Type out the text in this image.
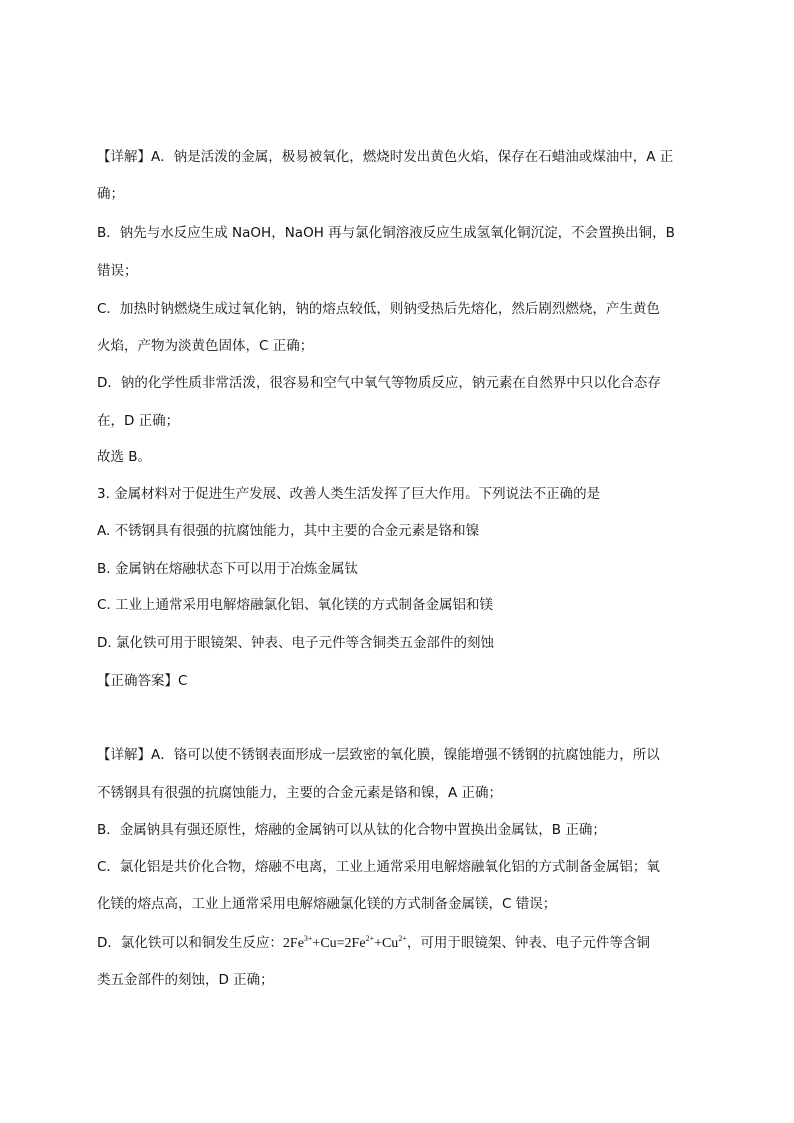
【详解】A．钠是活泼的金属，极易被氧化，燃烧时发出黄色火焰，保存在石蜡油或煤油中，A 正
确；
B．钠先与水反应生成 NaOH，NaOH 再与氯化铜溶液反应生成氢氧化铜沉淀，不会置换出铜，B
错误；
C．加热时钠燃烧生成过氧化钠，钠的熔点较低，则钠受热后先熔化，然后剧烈燃烧，产生黄色
火焰，产物为淡黄色固体，C 正确；
D．钠的化学性质非常活泼，很容易和空气中氧气等物质反应，钠元素在自然界中只以化合态存
在，D 正确；
故选 B。
3. 金属材料对于促进生产发展、改善人类生活发挥了巨大作用。下列说法不正确的是
A. 不锈钢具有很强的抗腐蚀能力，其中主要的合金元素是铬和镍
B. 金属钠在熔融状态下可以用于冶炼金属钛
C. 工业上通常采用电解熔融氯化铝、氧化镁的方式制备金属铝和镁
D. 氯化铁可用于眼镜架、钟表、电子元件等含铜类五金部件的刻蚀
【正确答案】C
【详解】A．铬可以使不锈钢表面形成一层致密的氧化膜，镍能增强不锈钢的抗腐蚀能力，所以
不锈钢具有很强的抗腐蚀能力，主要的合金元素是铬和镍，A 正确；
B．金属钠具有强还原性，熔融的金属钠可以从钛的化合物中置换出金属钛，B 正确；
C．氯化铝是共价化合物，熔融不电离，工业上通常采用电解熔融氧化铝的方式制备金属铝；氧
化镁的熔点高，工业上通常采用电解熔融氯化镁的方式制备金属镁，C 错误；
D．氯化铁可以和铜发生反应：$2Fe^{3+}+Cu=2Fe^{2+}+Cu^{2+}$，可用于眼镜架、钟表、电子元件等含铜
类五金部件的刻蚀，D 正确；
